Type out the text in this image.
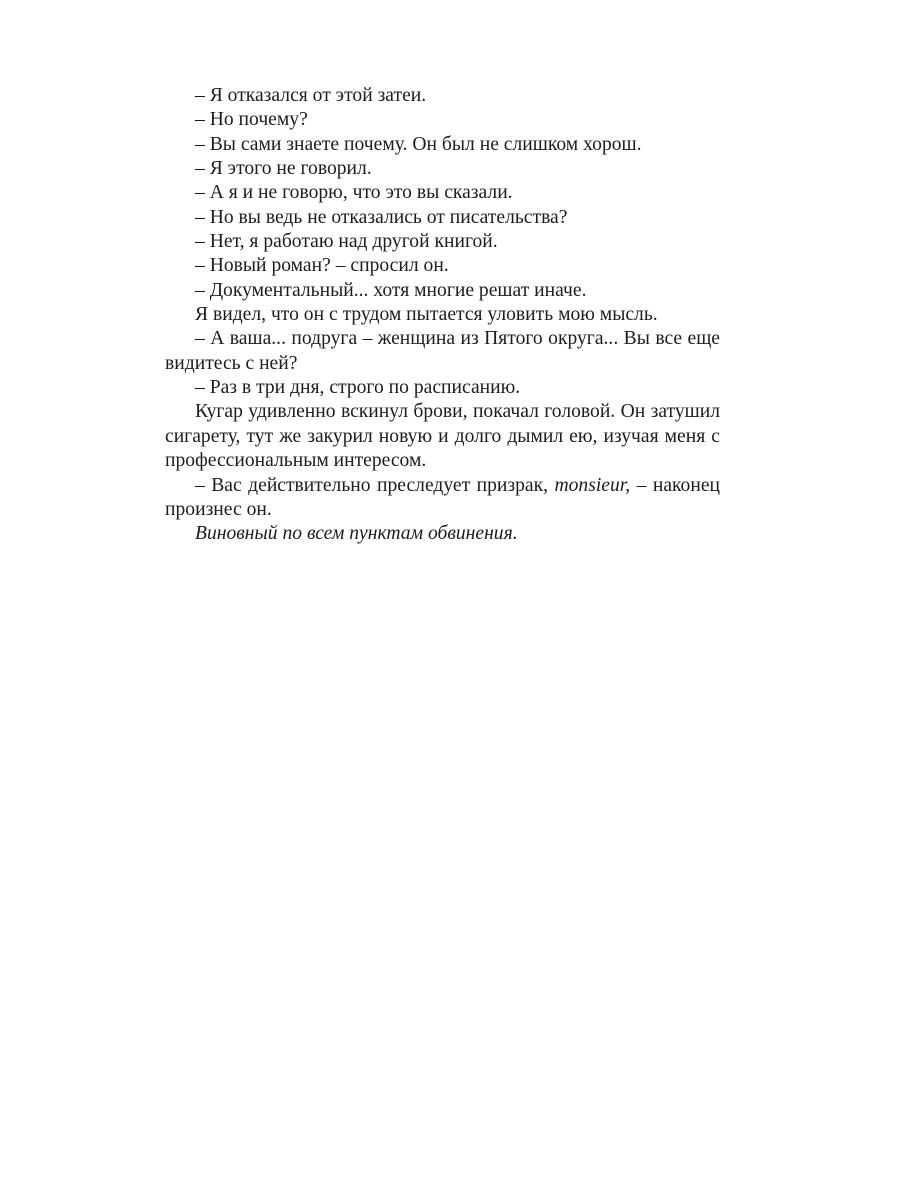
– Я отказался от этой затеи.

– Но почему?

– Вы сами знаете почему. Он был не слишком хорош.

– Я этого не говорил.

– А я и не говорю, что это вы сказали.

– Но вы ведь не отказались от писательства?

– Нет, я работаю над другой книгой.

– Новый роман? – спросил он.

– Документальный... хотя многие решат иначе.

Я видел, что он с трудом пытается уловить мою мысль.

– А ваша... подруга – женщина из Пятого округа... Вы все еще видитесь с ней?

– Раз в три дня, строго по расписанию.

Кугар удивленно вскинул брови, покачал головой. Он затушил сигарету, тут же закурил новую и долго дымил ею, изучая меня с профессиональным интересом.

– Вас действительно преследует призрак, monsieur, – наконец произнес он.

Виновный по всем пунктам обвинения.
